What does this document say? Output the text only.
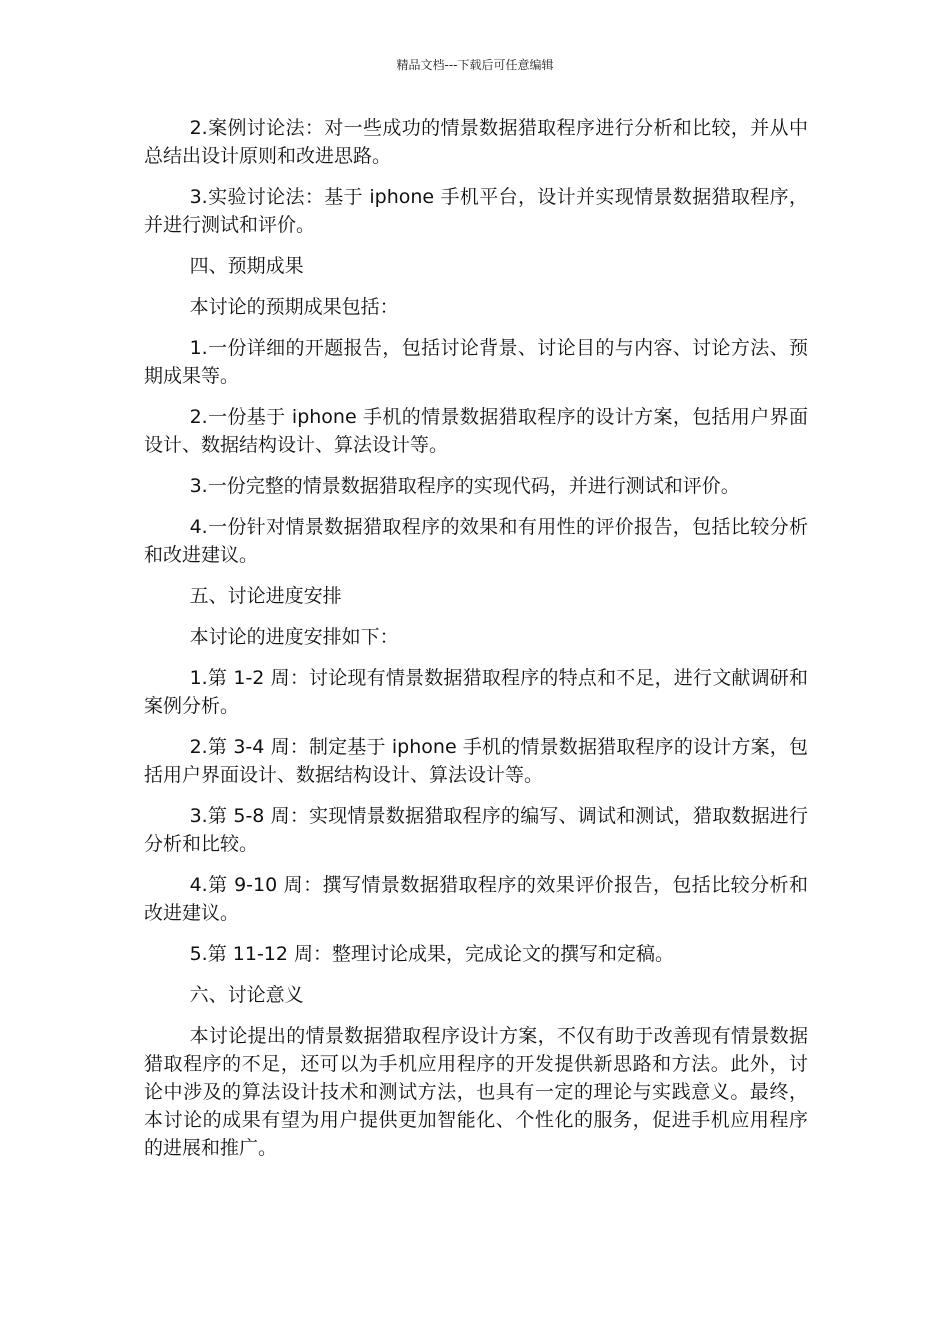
精品文档---下载后可任意编辑

2.案例讨论法：对一些成功的情景数据猎取程序进行分析和比较，并从中总结出设计原则和改进思路。

3.实验讨论法：基于 iphone 手机平台，设计并实现情景数据猎取程序，并进行测试和评价。

四、预期成果

本讨论的预期成果包括：

1.一份详细的开题报告，包括讨论背景、讨论目的与内容、讨论方法、预期成果等。

2.一份基于 iphone 手机的情景数据猎取程序的设计方案，包括用户界面设计、数据结构设计、算法设计等。

3.一份完整的情景数据猎取程序的实现代码，并进行测试和评价。

4.一份针对情景数据猎取程序的效果和有用性的评价报告，包括比较分析和改进建议。

五、讨论进度安排

本讨论的进度安排如下：

1.第 1-2 周：讨论现有情景数据猎取程序的特点和不足，进行文献调研和案例分析。

2.第 3-4 周：制定基于 iphone 手机的情景数据猎取程序的设计方案，包括用户界面设计、数据结构设计、算法设计等。

3.第 5-8 周：实现情景数据猎取程序的编写、调试和测试，猎取数据进行分析和比较。

4.第 9-10 周：撰写情景数据猎取程序的效果评价报告，包括比较分析和改进建议。

5.第 11-12 周：整理讨论成果，完成论文的撰写和定稿。

六、讨论意义

本讨论提出的情景数据猎取程序设计方案，不仅有助于改善现有情景数据猎取程序的不足，还可以为手机应用程序的开发提供新思路和方法。此外，讨论中涉及的算法设计技术和测试方法，也具有一定的理论与实践意义。最终，本讨论的成果有望为用户提供更加智能化、个性化的服务，促进手机应用程序的进展和推广。
